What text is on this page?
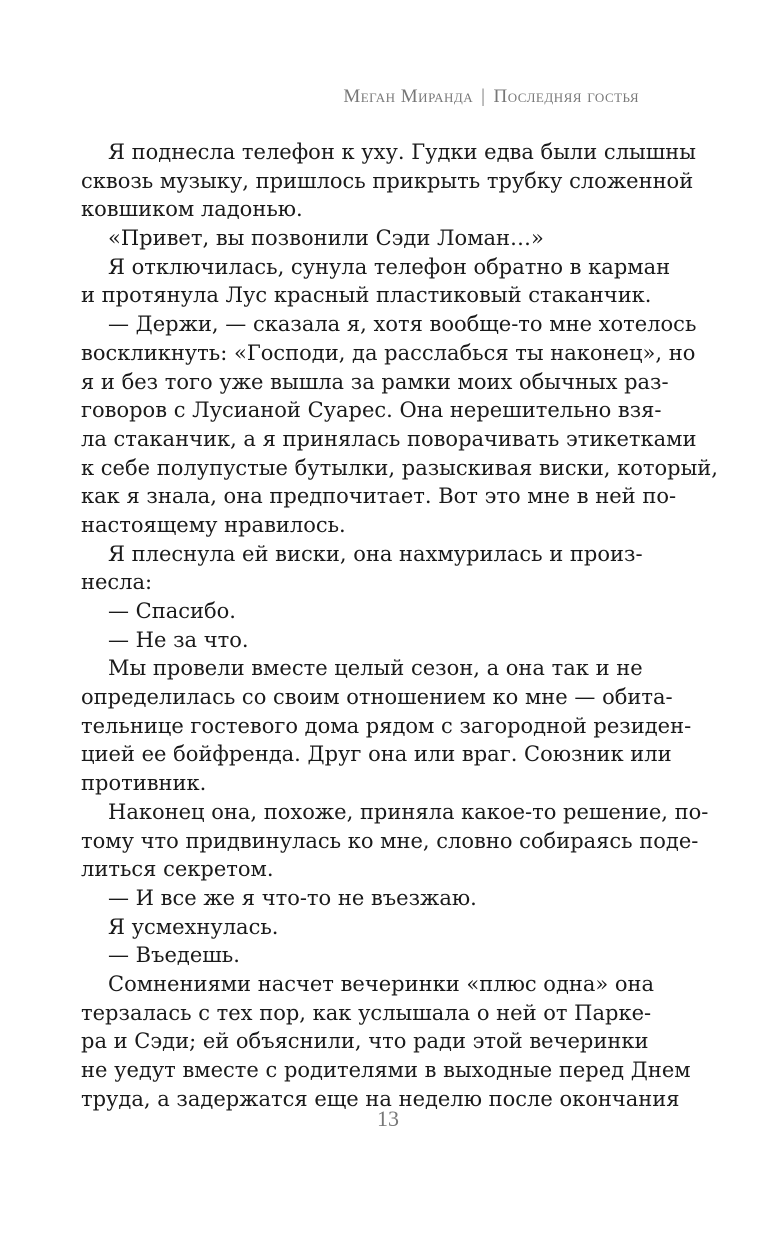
Меган Миранда | Последняя гостья
Я поднесла телефон к уху. Гудки едва были слышны
сквозь музыку, пришлось прикрыть трубку сложенной
ковшиком ладонью.
«Привет, вы позвонили Сэди Ломан…»
Я отключилась, сунула телефон обратно в карман
и протянула Лус красный пластиковый стаканчик.
— Держи, — сказала я, хотя вообще-то мне хотелось
воскликнуть: «Господи, да расслабься ты наконец», но
я и без того уже вышла за рамки моих обычных раз-
говоров с Лусианой Суарес. Она нерешительно взя-
ла стаканчик, а я принялась поворачивать этикетками
к себе полупустые бутылки, разыскивая виски, который,
как я знала, она предпочитает. Вот это мне в ней по-
настоящему нравилось.
Я плеснула ей виски, она нахмурилась и произ-
несла:
— Спасибо.
— Не за что.
Мы провели вместе целый сезон, а она так и не
определилась со своим отношением ко мне — обита-
тельнице гостевого дома рядом с загородной резиден-
цией ее бойфренда. Друг она или враг. Союзник или
противник.
Наконец она, похоже, приняла какое-то решение, по-
тому что придвинулась ко мне, словно собираясь поде-
литься секретом.
— И все же я что-то не въезжаю.
Я усмехнулась.
— Въедешь.
Сомнениями насчет вечеринки «плюс одна» она
терзалась с тех пор, как услышала о ней от Парке-
ра и Сэди; ей объяснили, что ради этой вечеринки
не уедут вместе с родителями в выходные перед Днем
труда, а задержатся еще на неделю после окончания
13
